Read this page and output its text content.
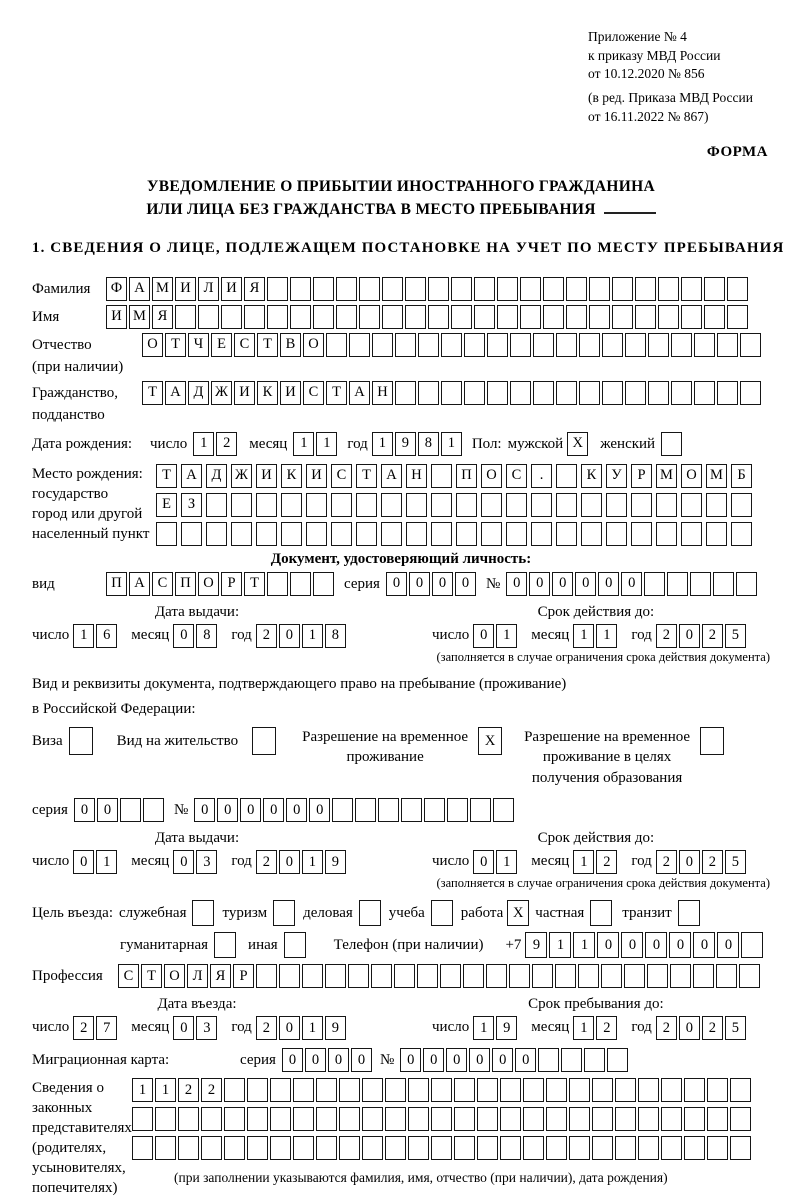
Приложение № 4
к приказу МВД России
от 10.12.2020 № 856
(в ред. Приказа МВД России
от 16.11.2022 № 867)
ФОРМА
УВЕДОМЛЕНИЕ О ПРИБЫТИИ ИНОСТРАННОГО ГРАЖДАНИНА
ИЛИ ЛИЦА БЕЗ ГРАЖДАНСТВА В МЕСТО ПРЕБЫВАНИЯ
1. СВЕДЕНИЯ О ЛИЦЕ, ПОДЛЕЖАЩЕМ ПОСТАНОВКЕ НА УЧЕТ ПО МЕСТУ ПРЕБЫВАНИЯ
Фамилия	Ф А М И Л И Я
Имя	И М Я
Отчество
(при наличии)
О Т Ч Е С Т В О
Гражданство,
подданство
Т А Д Ж И К И С Т А Н
Дата рождения:	число 1	2	месяц 1	1	год 1	9	8	1	Пол: мужской X	женский
Место рождения:
государство
город или другой
населенный пункт
Т	А	Д Ж И	К	И	С	Т	А	Н	П	О	С	.	К	У	Р	М О М Б
Е	З
Документ, удостоверяющий личность:
вид	П А С П О Р	Т	серия 0	0	0	0	№ 0	0	0	0	0	0
Дата выдачи:
число 1	6	месяц 0	8	год 2	0	1	8
Срок действия до:
число 0	1	месяц 1	1	год 2	0	2	5
(заполняется в случае ограничения срока действия документа)
Вид и реквизиты документа, подтверждающего право на пребывание (проживание)
в Российской Федерации:
Виза	Вид на жительство	Разрешение на временное
проживание
X	Разрешение на временное
проживание в целях
получения образования
серия 0	0	№ 0	0	0	0	0	0
Дата выдачи:
число 0	1	месяц 0	3	год 2	0	1	9
Срок действия до:
число 0	1	месяц 1	2	год 2	0	2	5
(заполняется в случае ограничения срока действия документа)
Цель въезда: служебная туризм деловая учеба работа X частная	транзит
гуманитарная	иная	Телефон (при наличии) +7 9	1	1	0	0	0	0	0	0
Профессия	С Т О Л Я Р
Дата въезда:
число 2	7	месяц 0	3	год 2	0	1	9
Срок пребывания до:
число 1	9	месяц 1	2	год 2	0	2	5
Миграционная карта:	серия 0	0	0	0 № 0	0	0	0	0	0
Сведения о
законных
представителях
(родителях,
усыновителях,
попечителях)
1	1	2	2
(при заполнении указываются фамилия, имя, отчество (при наличии), дата рождения)
